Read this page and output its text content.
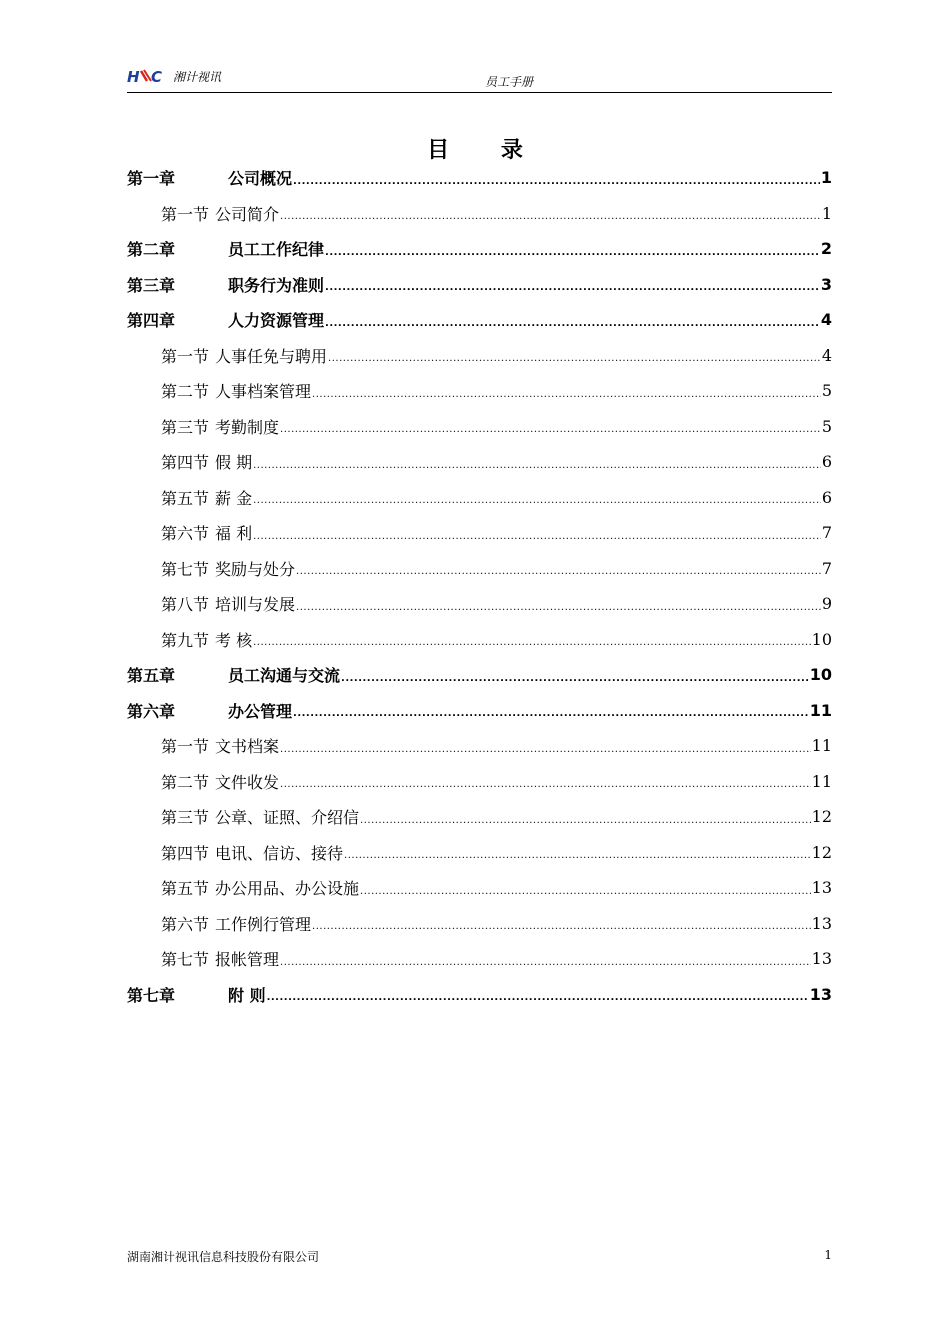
H C 湘计视讯	员工手册
目 录
第一章	公司概况 .....	1
第一节 公司简介 .....	1
第二章	员工工作纪律 .....	2
第三章	职务行为准则 .....	3
第四章	人力资源管理 .....	4
第一节 人事任免与聘用 .....	4
第二节 人事档案管理 .....	5
第三节 考勤制度 .....	5
第四节 假 期 .....	6
第五节 薪 金 .....	6
第六节 福 利 .....	7
第七节 奖励与处分 .....	7
第八节 培训与发展 .....	9
第九节 考 核 .....	10
第五章	员工沟通与交流 .....	10
第六章	办公管理 .....	11
第一节 文书档案 .....	11
第二节 文件收发 .....	11
第三节 公章、证照、介绍信 .....	12
第四节 电讯、信访、接待 .....	12
第五节 办公用品、办公设施 .....	13
第六节 工作例行管理 .....	13
第七节 报帐管理 .....	13
第七章	附 则 .....	13
湖南湘计视讯信息科技股份有限公司	1
